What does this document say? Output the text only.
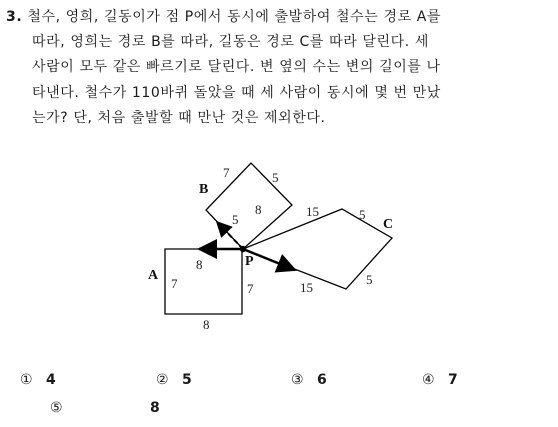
3. 철수, 영희, 길동이가 점 P에서 동시에 출발하여 철수는 경로 A를
따라, 영희는 경로 B를 따라, 길동은 경로 C를 따라 달린다. 세
사람이 모두 같은 빠르기로 달린다. 변 옆의 수는 변의 길이를 나
타낸다. 철수가 110바퀴 돌았을 때 세 사람이 동시에 몇 번 만났
는가? 단, 처음 출발할 때 만난 것은 제외한다.
P
A
B
C
8
7	7
8
7	5
8
5
15	5
5
15
① 4	② 5	③ 6	④ 7
⑤	8
